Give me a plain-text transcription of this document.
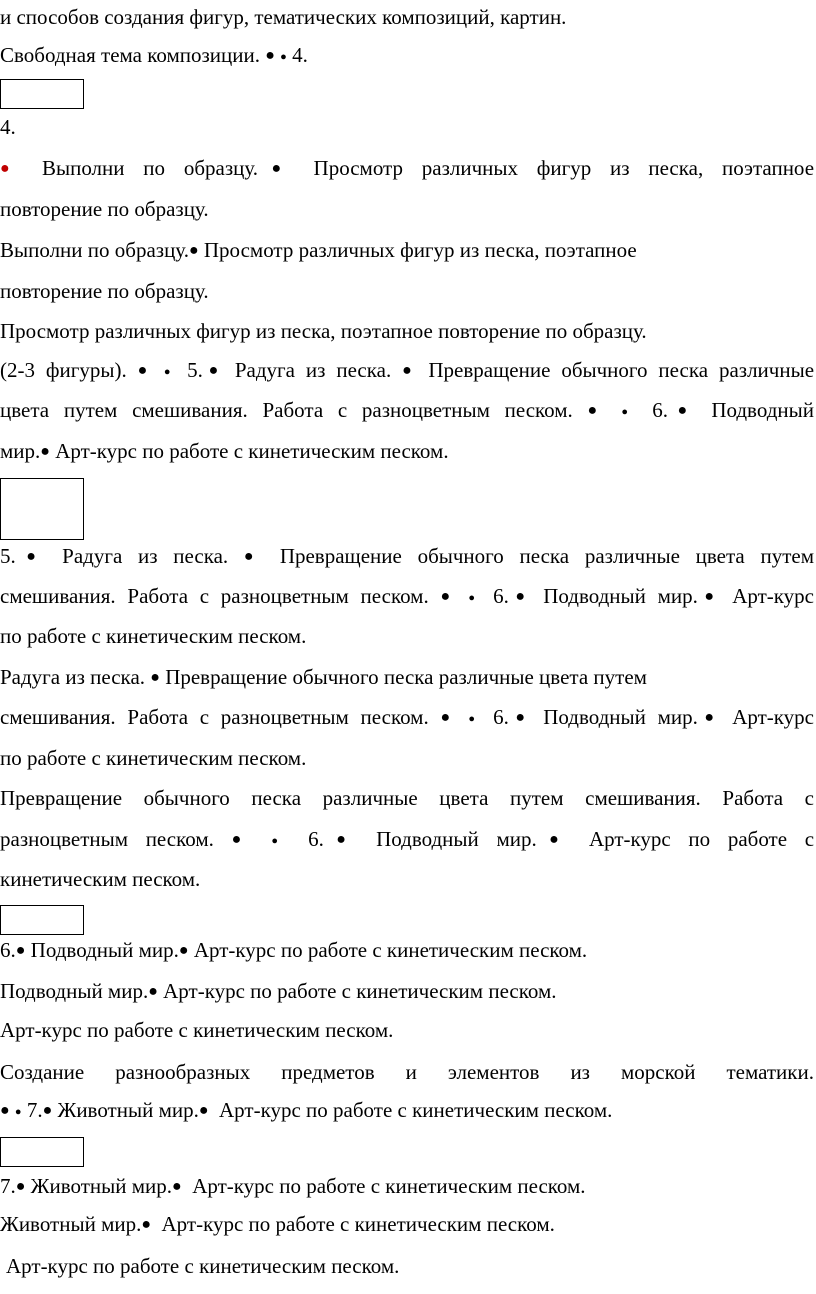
и способов создания фигур, тематических композиций, картин.
Свободная тема композиции. ● ● 4.
4.
● Выполни по образцу.● Просмотр различных фигур из песка, поэтапное
повторение по образцу.
Выполни по образцу.● Просмотр различных фигур из песка, поэтапное
повторение по образцу.
Просмотр различных фигур из песка, поэтапное повторение по образцу.
(2-3 фигуры). ● ● 5.● Радуга из песка. ● Превращение обычного песка различные
цвета путем смешивания. Работа с разноцветным песком. ● ● 6.● Подводный
мир.● Арт-курс по работе с кинетическим песком.
5.● Радуга из песка. ● Превращение обычного песка различные цвета путем
смешивания. Работа с разноцветным песком. ● ● 6.● Подводный мир.● Арт-курс
по работе с кинетическим песком.
Радуга из песка. ● Превращение обычного песка различные цвета путем
смешивания. Работа с разноцветным песком. ● ● 6.● Подводный мир.● Арт-курс
по работе с кинетическим песком.
Превращение обычного песка различные цвета путем смешивания. Работа с
разноцветным песком. ● ● 6.● Подводный мир.● Арт-курс по работе с
кинетическим песком.
6.● Подводный мир.● Арт-курс по работе с кинетическим песком.
Подводный мир.● Арт-курс по работе с кинетическим песком.
Арт-курс по работе с кинетическим песком.
Создание разнообразных предметов и элементов из морской тематики.
● ● 7.● Животный мир.● Арт-курс по работе с кинетическим песком.
7.● Животный мир.● Арт-курс по работе с кинетическим песком.
Животный мир.● Арт-курс по работе с кинетическим песком.
Арт-курс по работе с кинетическим песком.
